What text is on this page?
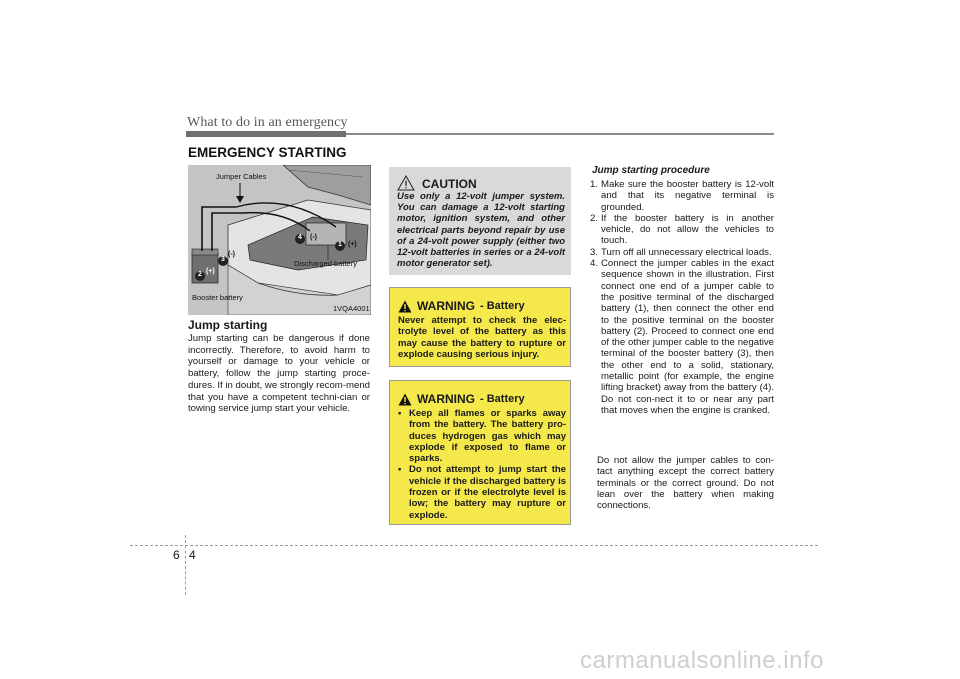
What to do in an emergency
EMERGENCY STARTING
Jumper Cables
Discharged battery
Booster battery
1VQA4001
1
2
3
4
(-)
(-)
(+)
(+)
Jump starting
Jump starting can be dangerous if done incorrectly. Therefore, to avoid harm to yourself or damage to your vehicle or battery, follow the jump starting proce-dures. If in doubt, we strongly recom-mend that you have a competent techni-cian or towing service jump start your vehicle.
CAUTION
Use only a 12-volt jumper system. You can damage a 12-volt starting motor, ignition system, and other electrical parts beyond repair by use of a 24-volt power supply (either two 12-volt batteries in series or a 24-volt motor generator set).
WARNING - Battery
Never attempt to check the elec-trolyte level of the battery as this may cause the battery to rupture or explode causing serious injury.
WARNING - Battery
• Keep all flames or sparks away from the battery. The battery pro-duces hydrogen gas which may explode if exposed to flame or sparks.
• Do not attempt to jump start the vehicle if the discharged battery is frozen or if the electrolyte level is low; the battery may rupture or explode.
Jump starting procedure
1. Make sure the booster battery is 12-volt and that its negative terminal is grounded.
2. If the booster battery is in another vehicle, do not allow the vehicles to touch.
3. Turn off all unnecessary electrical loads.
4. Connect the jumper cables in the exact sequence shown in the illustration. First connect one end of a jumper cable to the positive terminal of the discharged battery (1), then connect the other end to the positive terminal on the booster battery (2). Proceed to connect one end of the other jumper cable to the negative terminal of the booster battery (3), then the other end to a solid, stationary, metallic point (for example, the engine lifting bracket) away from the battery (4). Do not con-nect it to or near any part that moves when the engine is cranked.
Do not allow the jumper cables to con-tact anything except the correct battery terminals or the correct ground. Do not lean over the battery when making connections.
6 4
carmanualsonline.info
